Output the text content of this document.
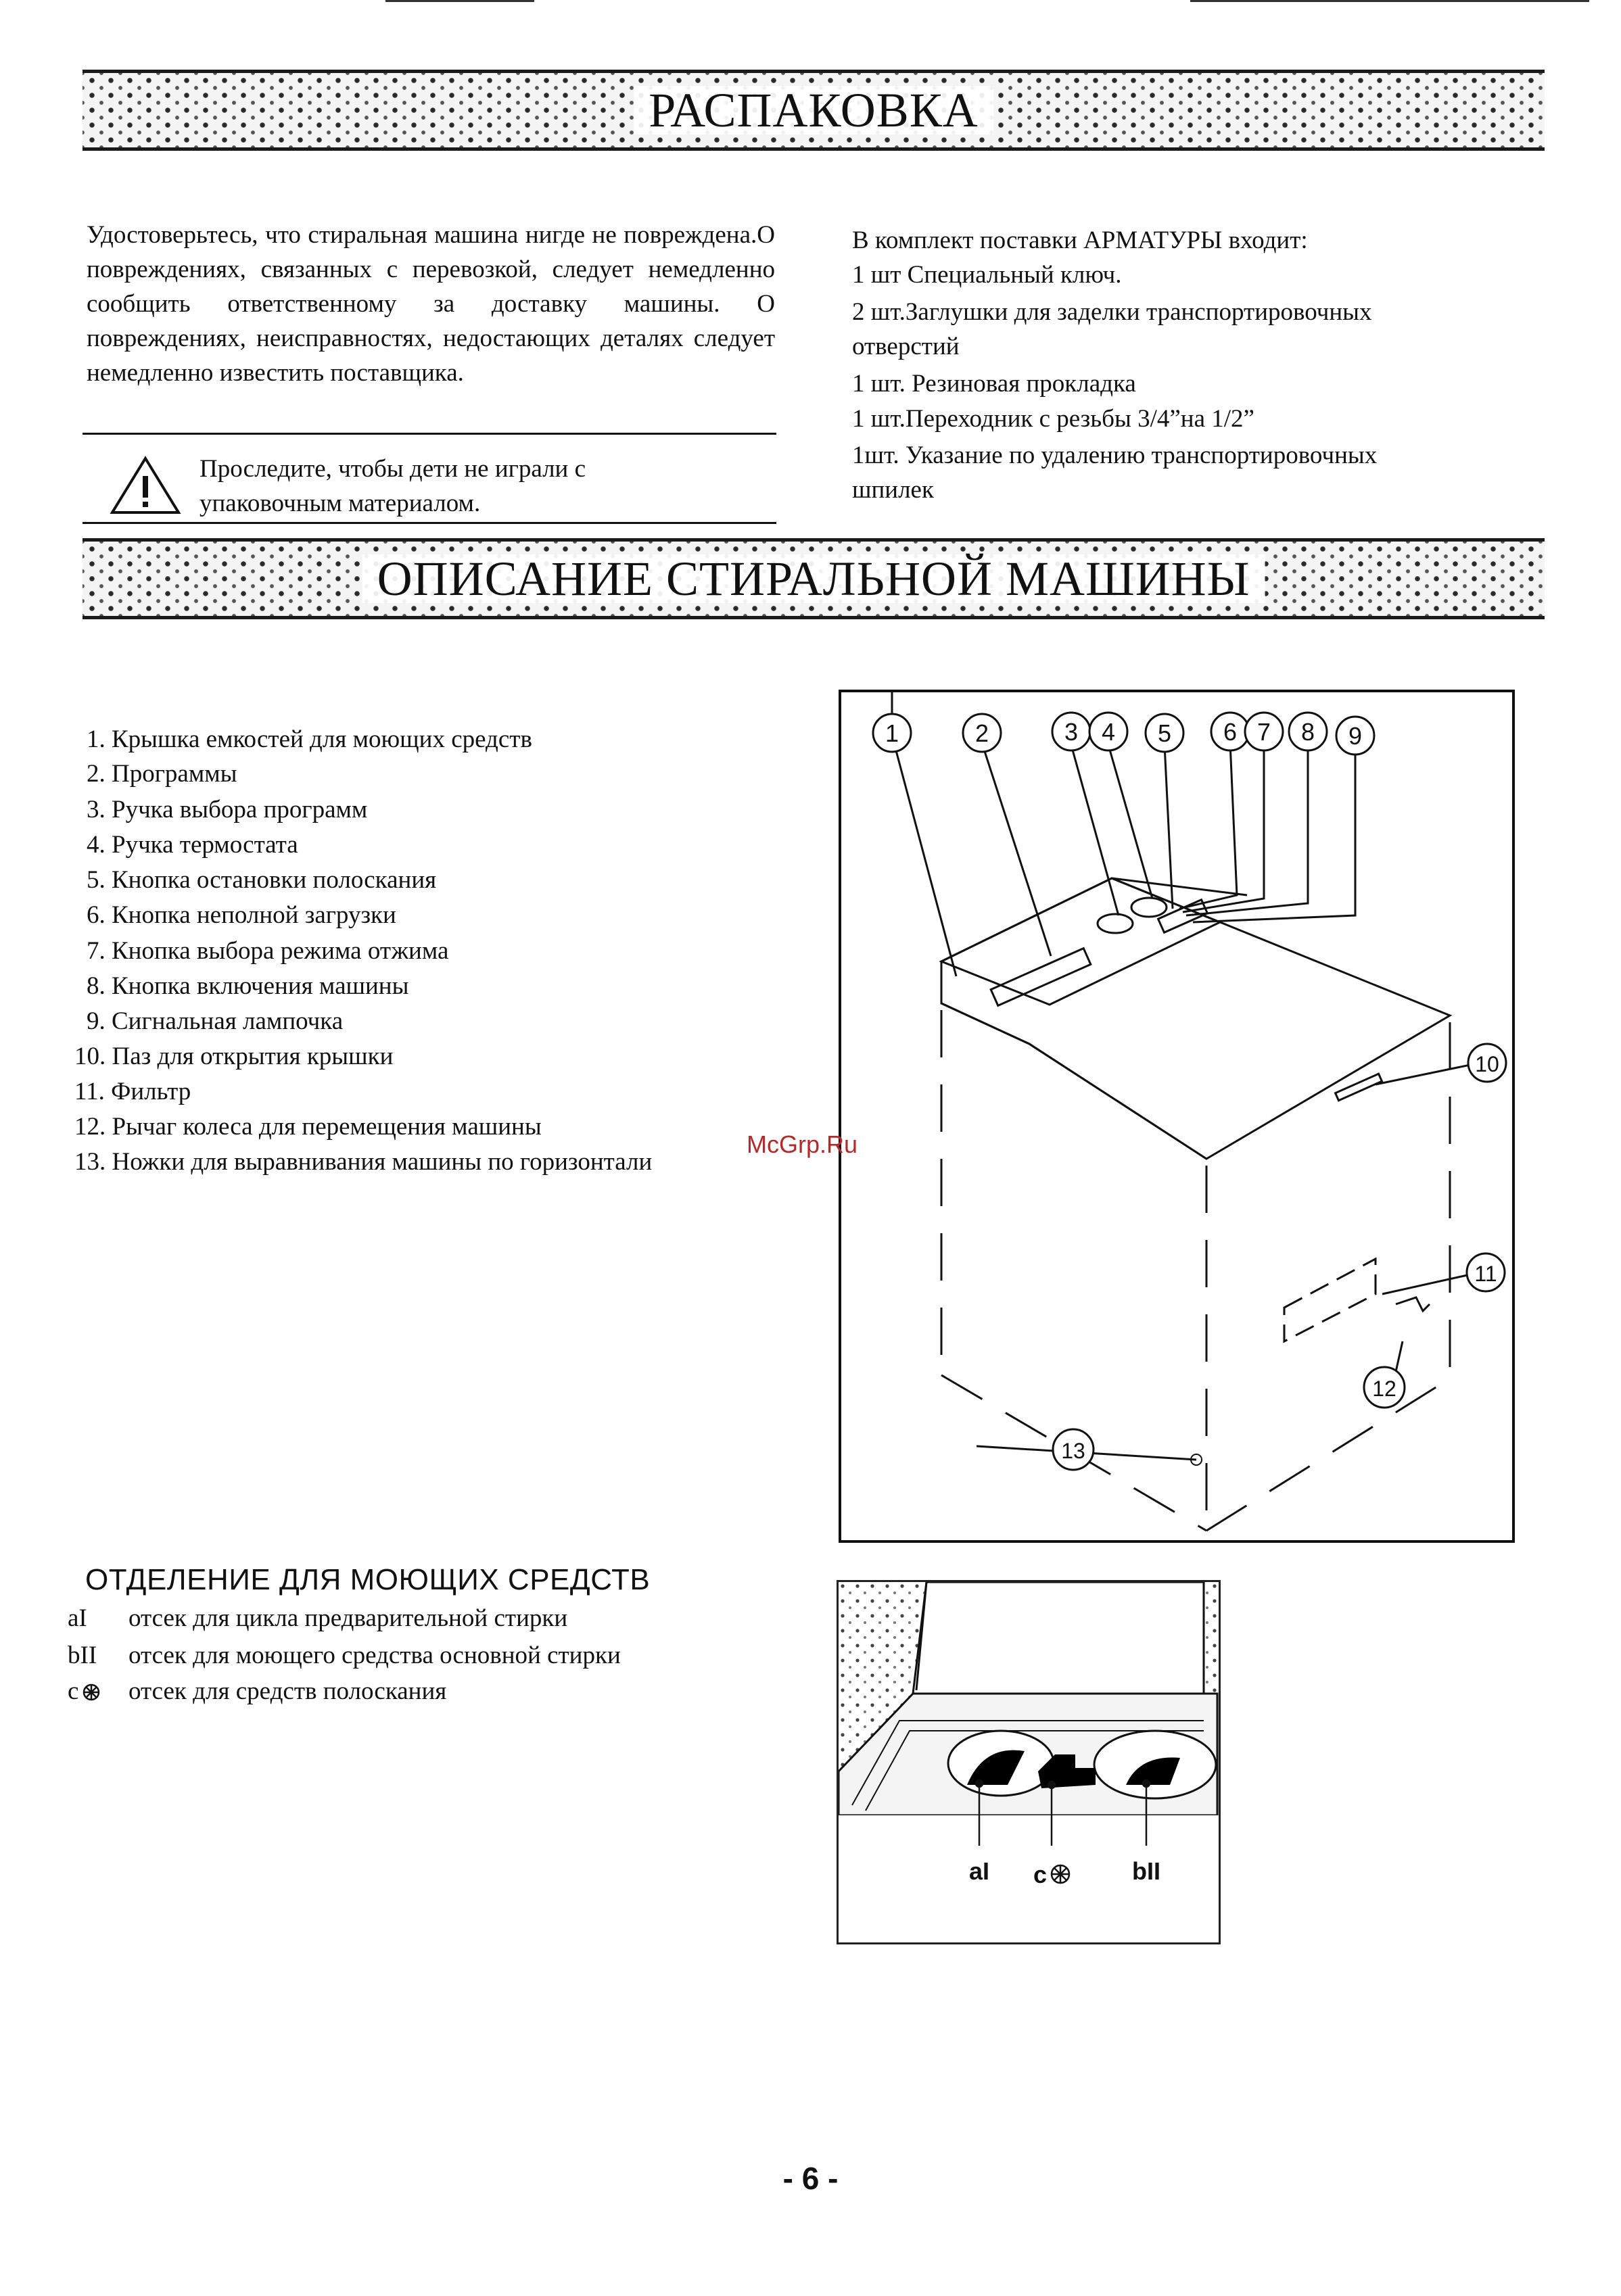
РАСПАКОВКА
Удостоверьтесь, что стиральная машина нигде не повреждена.О повреждениях, связанных с перевозкой, следует немедленно сообщить ответственному за доставку машины. О повреждениях, неисправностях, недостающих деталях следует немедленно известить поставщика.
Проследите, чтобы дети не играли с
упаковочным материалом.
В комплект поставки АРМАТУРЫ входит:
1 шт Специальный ключ.
2 шт.Заглушки для заделки транспортировочных
отверстий
1 шт. Резиновая прокладка
1 шт.Переходник с резьбы 3/4”на 1/2”
1шт. Указание по удалению транспортировочных
шпилек
ОПИСАНИЕ СТИРАЛЬНОЙ МАШИНЫ
1. Крышка емкостей для моющих средств
2. Программы
3. Ручка выбора программ
4. Ручка термостата
5. Кнопка остановки полоскания
6. Кнопка неполной загрузки
7. Кнопка выбора режима отжима
8. Кнопка включения машины
9. Сигнальная лампочка
10. Паз для открытия крышки
11. Фильтр
12. Рычаг колеса для перемещения машины
13. Ножки для выравнивания машины по горизонтали
1	2	3 4 5 6 7 8 9
10
11
12
13
McGrp.Ru
ОТДЕЛЕНИЕ ДЛЯ МОЮЩИХ СРЕДСТВ
aI отсек для цикла предварительной стирки
bII отсек для моющего средства основной стирки
c отсек для средств полоскания
aI c	bII
- 6 -
